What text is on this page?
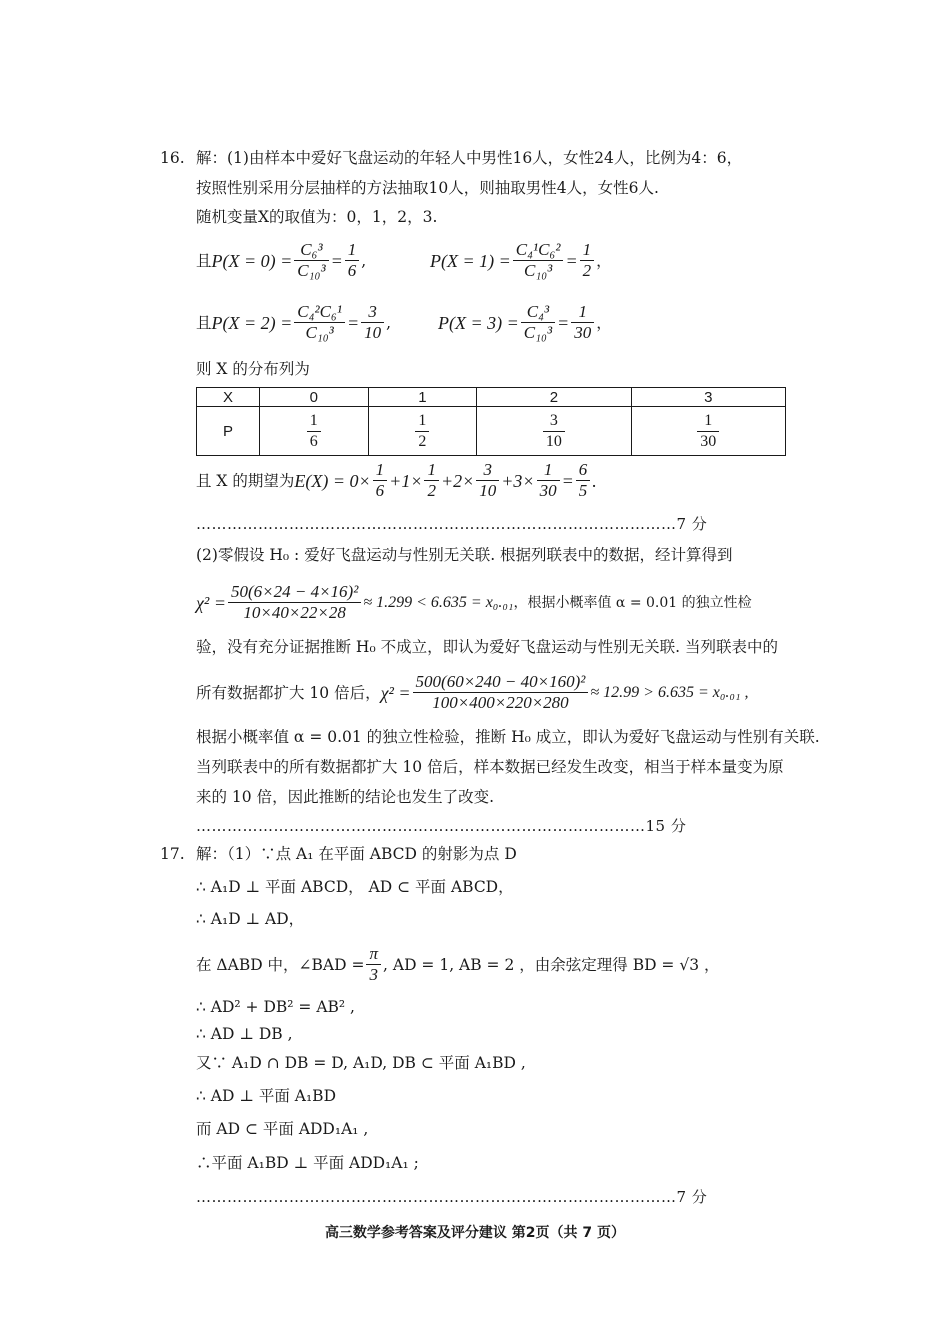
16. 解：(1)由样本中爱好飞盘运动的年轻人中男性16人，女性24人，比例为4：6，
按照性别采用分层抽样的方法抽取10人，则抽取男性4人，女性6人.
随机变量X的取值为：0，1，2，3.
且 $P(X = 0) = \frac{\text{C₆³}}{\text{C₁₀³}} = \frac{1}{6}$ ,	$P(X = 1) = \frac{\text{C₄¹C₆²}}{\text{C₁₀³}} = \frac{1}{2}$ ，
且 $P(X = 2) = \frac{\text{C₄²C₆¹}}{\text{C₁₀³}} = \frac{3}{10}$ ,	$P(X = 3) = \frac{\text{C₄³}}{\text{C₁₀³}} = \frac{1}{30}$ ，
则 X 的分布列为
X	0	1	2	3
P	$\frac{1}{6}$	$\frac{1}{2}$	$\frac{3}{10}$	$\frac{1}{30}$
且 X 的期望为 $E(X) = 0\times \frac{1}{6} +1\times \frac{1}{2} +2\times \frac{3}{10} +3\times \frac{1}{30} = \frac{6}{5}$ .
…………………………………………………………………………………7 分
(2)零假设 H₀ : 爱好飞盘运动与性别无关联. 根据列联表中的数据，经计算得到
$\chi^2 = \frac{\text{50(6×24 − 4×16)²}}{10\times 40\times 22\times 28} \approx 1.299 < 6.635 = x_0._{01}$ ，根据小概率值 α = 0.01 的独立性检
验，没有充分证据推断 H₀ 不成立，即认为爱好飞盘运动与性别无关联. 当列联表中的
所有数据都扩大 10 倍后， $\chi^2 = \frac{\text{500(60×240 − 40×160)²}}{100\times 400\times 220\times 280} \approx 12.99 > 6.635 = x_0._{01}$ ,
根据小概率值 α = 0.01 的独立性检验，推断 H₀ 成立，即认为爱好飞盘运动与性别有关联.
当列联表中的所有数据都扩大 10 倍后，样本数据已经发生改变，相当于样本量变为原
来的 10 倍，因此推断的结论也发生了改变.
……………………………………………………………………………15 分
17. 解：（1）∵点 A₁ 在平面 ABCD 的射影为点 D
∴ A₁D ⊥ 平面 ABCD， AD ⊂ 平面 ABCD，
∴ A₁D ⊥ AD，
在 ΔABD 中，∠BAD = $\frac{\pi}{3}$ , AD = 1, AB = 2 ，由余弦定理得 BD = √3 ，
∴ AD² + DB² = AB² ,
∴ AD ⊥ DB ,
又∵ A₁D ∩ DB = D, A₁D, DB ⊂ 平面 A₁BD ,
∴ AD ⊥ 平面 A₁BD
而 AD ⊂ 平面 ADD₁A₁ ,
∴平面 A₁BD ⊥ 平面 ADD₁A₁ ;
…………………………………………………………………………………7 分
高三数学参考答案及评分建议 第2页（共 7 页）
